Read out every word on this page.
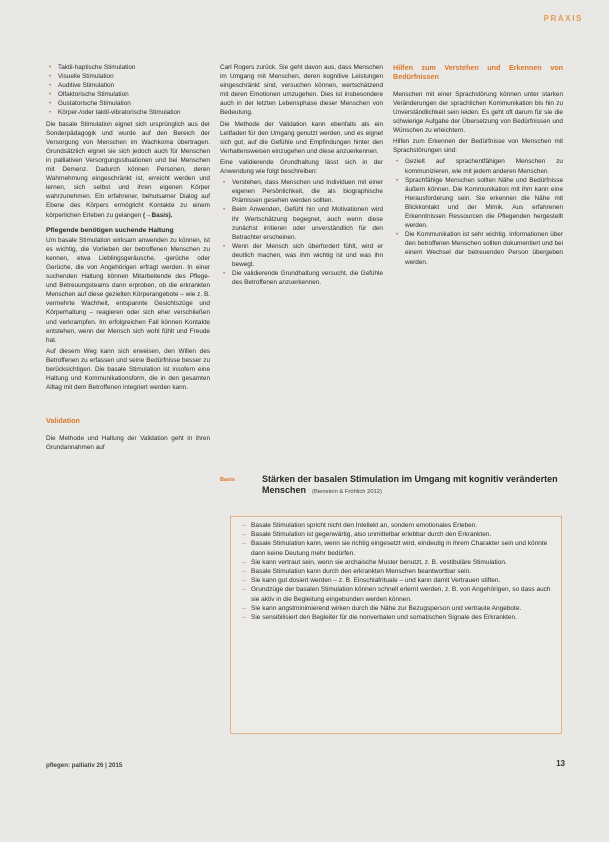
PRAXIS
• Taktil-haptische Stimulation
• Visuelle Stimulation
• Auditive Stimulation
• Olfaktorische Stimulation
• Gustatorische Stimulation
• Körper-/oder taktil-vibratorische Stimulation

Die basale Stimulation eignet sich ursprünglich aus der Sonderpädagogik und wurde auf den Bereich der Versorgung von Menschen im Wachkoma übertragen. Grundsätzlich eignet sie sich jedoch auch für Menschen in palliativen Versorgungssituationen und bei Menschen mit Demenz. Dadurch können Personen, deren Wahrnehmung eingeschränkt ist, erreicht werden und lernen, sich selbst und ihren eigenen Körper wahrzunehmen. Ein erfahrener, behutsamer Dialog auf Ebene des Körpers ermöglicht Kontakte zu einem körperlichen Erleben zu gelangen (→Basis).

Pflegende benötigen suchende Haltung

Um basale Stimulation wirksam anwenden zu können, ist es wichtig, die Vorlieben der betroffenen Menschen zu kennen, etwa Lieblingsgeräusche, -gerüche oder Gerüche, die von Angehörigen erfragt werden. In einer suchenden Haltung können Mitarbeitende des Pflege- und Betreuungsteams dann erproben, ob die erkrankten Menschen auf diese gezielten Körperangebote – wie z. B. vermehrte Wachheit, entspannte Gesichtszüge und Körperhaltung – reagieren oder sich eher verschließen und verkrampfen. Im erfolgreichen Fall können Kontakte entstehen, wenn der Mensch sich wohl fühlt und Freude hat.

Auf diesem Weg kann sich erweisen, den Willen des Betroffenen zu erfassen und seine Bedürfnisse besser zu berücksichtigen. Die basale Stimulation ist insofern eine Haltung und Kommunikationsform, die in den gesamten Alltag mit dem Betroffenen integriert werden kann.

Validation

Die Methode und Haltung der Validation geht in ihren Grundannahmen auf

Carl Rogers zurück. Sie geht davon aus, dass Menschen im Umgang mit Menschen, deren kognitive Leistungen eingeschränkt sind, versuchen können, wertschätzend mit deren Emotionen umzugehen. Dies ist insbesondere auch in der letzten Lebensphase dieser Menschen von Bedeutung.

Die Methode der Validation kann ebenfalls als ein Leitfaden für den Umgang genutzt werden, und es eignet sich gut, auf die Gefühle und Empfindungen hinter den Verhaltensweisen einzugehen und diese anzuerkennen.

Eine validierende Grundhaltung lässt sich in der Anwendung wie folgt beschreiben:

• Verstehen, dass Menschen und Individuen mit einer eigenen Persönlichkeit, die als biographische Prämissen gesehen werden sollten.
• Beim Anwenden, Gefühl hin und Motivationen wird ihr Wertschätzung begegnet, auch wenn diese zunächst irritieren oder unverständlich für den Betrachter erscheinen.
• Wenn der Mensch sich überfordert fühlt, wird er deutlich machen, was ihm wichtig ist und was ihn bewegt.
• Die validierende Grundhaltung versucht, die Gefühle des Betroffenen anzuerkennen.
Hilfen zum Verstehen und Erkennen von Bedürfnissen

Menschen mit einer Sprachstörung können unter starken Veränderungen der sprachlichen Kommunikation bis hin zu Unverständlichkeit sein leiden. Es geht oft darum für sie die schwierige Aufgabe der Übersetzung von Bedürfnissen und Wünschen zu erleichtern.

Hilfen zum Erkennen der Bedürfnisse von Menschen mit Sprachstörungen sind:

• Gezielt auf sprachentfähigen Menschen zu kommunizieren, wie mit jedem anderen Menschen.
• Sprachfähige Menschen sollten Nähe und Bedürfnisse äußern können. Die Kommunikation mit ihm kann eine Herausforderung sein. Sie erkennen die Nähe mit Blickkontakt und der Mimik. Aus erfahrenen Erkenntnissen Ressourcen die Pflegenden hergestellt werden.
• Die Kommunikation ist sehr wichtig. Informationen über den betroffenen Menschen sollten dokumentiert und bei einem Wechsel der betreuenden Person übergeben werden.
Basis	Stärken der basalen Stimulation im Umgang mit kognitiv veränderten Menschen (Bienstein & Fröhlich 2012)
– Basale Stimulation spricht nicht den Intellekt an, sondern emotionales Erleben.
– Basale Stimulation ist gegenwärtig, also unmittelbar erlebbar durch den Erkrankten.
– Basale Stimulation kann, wenn sie richtig eingesetzt wird, eindeutig in ihrem Charakter sein und könnte dann keine Deutung mehr bedürfen.
– Sie kann vertraut sein, wenn sie archaische Muster benutzt, z. B. vestibuläre Stimulation.
– Basale Stimulation kann durch den erkrankten Menschen beantwortbar sein.
– Sie kann gut dosiert werden – z. B. Einschlafrituale – und kann damit Vertrauen stiften.
– Grundzüge der basalen Stimulation können schnell erlernt werden, z. B. von Angehörigen, so dass auch sie aktiv in die Begleitung eingebunden werden können.
– Sie kann angstminimierend wirken durch die Nähe zur Bezugsperson und vertraute Angebote.
– Sie sensibilisiert den Begleiter für die nonverbalen und somatischen Signale des Erkrankten.
pflegen: palliativ 26 | 2015	13
